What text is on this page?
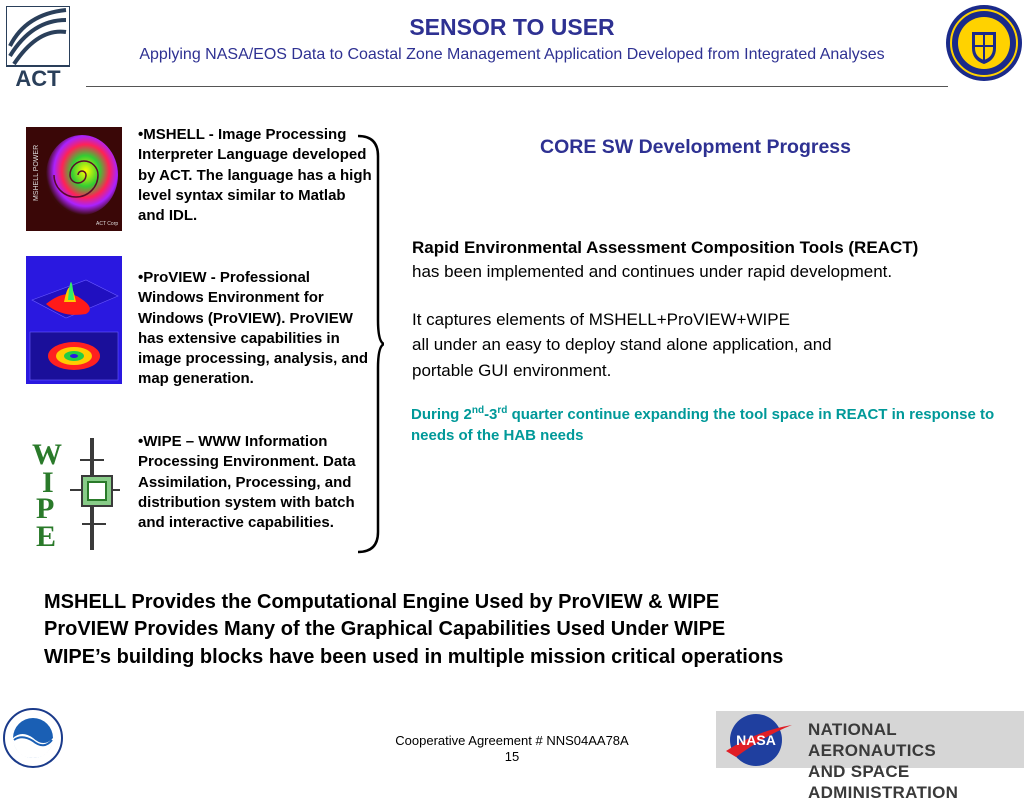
ACT
SENSOR TO USER
Applying NASA/EOS Data to Coastal Zone Management Application Developed from Integrated Analyses
MSHELL POWER
ACT Corp
W
I
P
E
•MSHELL - Image Processing Interpreter Language developed by ACT. The language has a high level syntax similar to Matlab and IDL.
•ProVIEW - Professional Windows Environment for Windows (ProVIEW). ProVIEW has extensive capabilities in image processing, analysis, and map generation.
•WIPE – WWW Information Processing Environment. Data Assimilation, Processing, and distribution system with batch and interactive capabilities.
CORE SW Development Progress
Rapid Environmental Assessment Composition Tools (REACT)
has been implemented and continues under rapid development.
It captures elements of MSHELL+ProVIEW+WIPE
all under an easy to deploy stand alone application, and
portable GUI environment.
During 2nd-3rd quarter continue expanding the tool space in REACT in response to needs of the HAB needs
MSHELL Provides the Computational Engine Used by ProVIEW & WIPE
ProVIEW Provides Many of the Graphical Capabilities Used Under WIPE
WIPE’s building blocks have been used in multiple mission critical operations
Cooperative Agreement # NNS04AA78A
15
NASA
NATIONAL AERONAUTICS
AND SPACE ADMINISTRATION
